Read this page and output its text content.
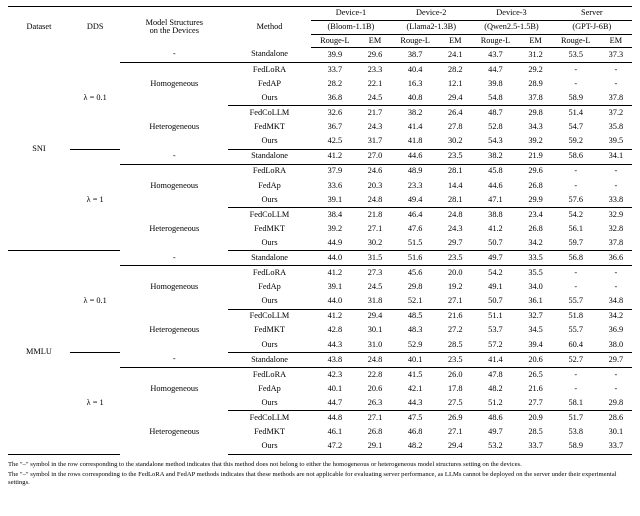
Dataset	DDS	Model Structures
on the Devices	Method	Device-1		Device-2		Device-3		Server	
				(Bloom-1.1B)		(Llama2-1.3B)		(Qwen2.5-1.5B)		(GPT-J-6B)	
				Rouge-L	EM	Rouge-L	EM	Rouge-L	EM	Rouge-L	EM
SNI	λ = 0.1	-	Standalone	39.9	29.6	38.7	24.1	43.7	31.2	53.5	37.3
		Homogeneous	FedLoRA	33.7	23.3	40.4	28.2	44.7	29.2	-	-
			FedAP	28.2	22.1	16.3	12.1	39.8	28.9	-	-
			Ours	36.8	24.5	40.8	29.4	54.8	37.8	58.9	37.8
		Heterogeneous	FedCoLLM	32.6	21.7	38.2	26.4	48.7	29.8	51.4	37.2
			FedMKT	36.7	24.3	41.4	27.8	52.8	34.3	54.7	35.8
			Ours	42.5	31.7	41.8	30.2	54.3	39.2	59.2	39.5
	λ = 1	-	Standalone	41.2	27.0	44.6	23.5	38.2	21.9	58.6	34.1
		Homogeneous	FedLoRA	37.9	24.6	48.9	28.1	45.8	29.6	-	-
			FedAp	33.6	20.3	23.3	14.4	44.6	26.8	-	-
			Ours	39.1	24.8	49.4	28.1	47.1	29.9	57.6	33.8
		Heterogeneous	FedCoLLM	38.4	21.8	46.4	24.8	38.8	23.4	54.2	32.9
			FedMKT	39.2	27.1	47.6	24.3	41.2	26.8	56.1	32.8
			Ours	44.9	30.2	51.5	29.7	50.7	34.2	59.7	37.8
MMLU	λ = 0.1	-	Standalone	44.0	31.5	51.6	23.5	49.7	33.5	56.8	36.6
		Homogeneous	FedLoRA	41.2	27.3	45.6	20.0	54.2	35.5	-	-
			FedAp	39.1	24.5	29.8	19.2	49.1	34.0	-	-
			Ours	44.0	31.8	52.1	27.1	50.7	36.1	55.7	34.8
		Heterogeneous	FedCoLLM	41.2	29.4	48.5	21.6	51.1	32.7	51.8	34.2
			FedMKT	42.8	30.1	48.3	27.2	53.7	34.5	55.7	36.9
			Ours	44.3	31.0	52.9	28.5	57.2	39.4	60.4	38.0
	λ = 1	-	Standalone	43.8	24.8	40.1	23.5	41.4	20.6	52.7	29.7
		Homogeneous	FedLoRA	42.3	22.8	41.5	26.0	47.8	26.5	-	-
			FedAp	40.1	20.6	42.1	17.8	48.2	21.6	-	-
			Ours	44.7	26.3	44.3	27.5	51.2	27.7	58.1	29.8
		Heterogeneous	FedCoLLM	44.8	27.1	47.5	26.9	48.6	20.9	51.7	28.6
			FedMKT	46.1	26.8	46.8	27.1	49.7	28.5	53.8	30.1
			Ours	47.2	29.1	48.2	29.4	53.2	33.7	58.9	33.7

The "–" symbol in the row corresponding to the standalone method indicates that this method does not belong to either the homogeneous or heterogeneous model structures setting on the devices.

The "–" symbol in the rows corresponding to the FedLoRA and FedAP methods indicates that these methods are not applicable for evaluating server performance, as LLMs cannot be deployed on the server under their experimental settings.
